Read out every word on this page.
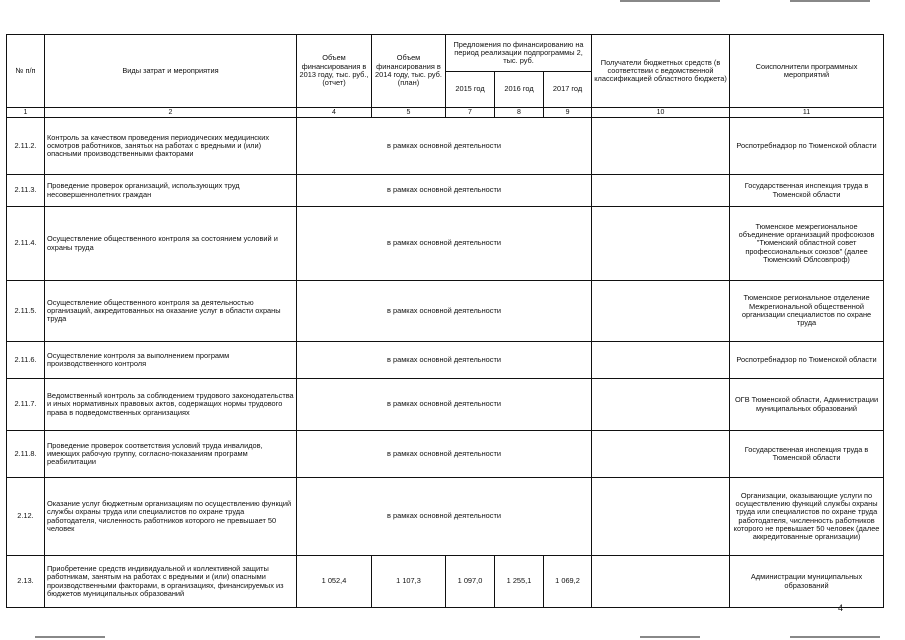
№ п/п	Виды затрат и мероприятия	Объем финансирования в 2013 году, тыс. руб., (отчет)	Объем финансирования в 2014 году, тыс. руб. (план)	Предложения по финансированию на период реализации подпрограммы 2, тыс. руб.			Получатели бюджетных средств (в соответствии с ведомственной классификацией областного бюджета)	Соисполнители программных мероприятий
				2015 год	2016 год	2017 год		
1	2	4	5	7	8	9	10	11
2.11.2.	Контроль за качеством проведения периодических медицинских осмотров работников, занятых на работах с вредными и (или) опасными производственными факторами	в рамках основной деятельности						Роспотребнадзор по Тюменской области
2.11.3.	Проведение проверок организаций, использующих труд несовершеннолетних граждан	в рамках основной деятельности						Государственная инспекция труда в Тюменской области
2.11.4.	Осуществление общественного контроля за состоянием условий и охраны труда	в рамках основной деятельности						Тюменское межрегиональное объединение организаций профсоюзов "Тюменский областной совет профессиональных союзов" (далее Тюменский Облсовпроф)
2.11.5.	Осуществление общественного контроля за деятельностью организаций, аккредитованных на оказание услуг в области охраны труда	в рамках основной деятельности						Тюменское региональное отделение Межрегиональной общественной организации специалистов по охране труда
2.11.6.	Осуществление контроля за выполнением программ производственного контроля	в рамках основной деятельности						Роспотребнадзор по Тюменской области
2.11.7.	Ведомственный контроль за соблюдением трудового законодательства и иных нормативных правовых актов, содержащих нормы трудового права в подведомственных организациях	в рамках основной деятельности						ОГВ Тюменской области, Администрации муниципальных образований
2.11.8.	Проведение проверок соответствия условий труда инвалидов, имеющих рабочую группу, согласно-показаниям программ реабилитации	в рамках основной деятельности						Государственная инспекция труда в Тюменской области
2.12.	Оказание услуг бюджетным организациям по осуществлению функций службы охраны труда или специалистов по охране труда работодателя, численность работников которого не превышает 50 человек	в рамках основной деятельности						Организации, оказывающие услуги по осуществлению функций службы охраны труда или специалистов по охране труда работодателя, численность работников которого не превышает 50 человек (далее аккредитованные организации)
2.13.	Приобретение средств индивидуальной и коллективной защиты работникам, занятым на работах с вредными и (или) опасными производственными факторами, в организациях, финансируемых из бюджетов муниципальных образований	1 052,4	1 107,3	1 097,0	1 255,1	1 069,2		Администрации муниципальных образований
4
